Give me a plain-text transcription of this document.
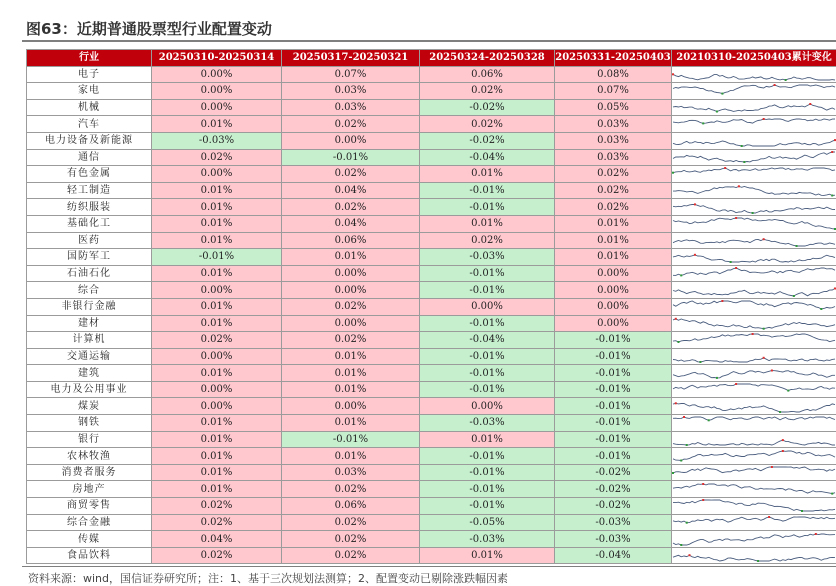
图63：近期普通股票型行业配置变动
行业	20250310-20250314	20250317-20250321	20250324-20250328	20250331-20250403	20210310-20250403累计变化
电子	0.00%	0.07%	0.06%	0.08%	

家电	0.00%	0.03%	0.02%	0.07%	

机械	0.00%	0.03%	-0.02%	0.05%	

汽车	0.01%	0.02%	0.02%	0.03%	

电力设备及新能源	-0.03%	0.00%	-0.02%	0.03%	

通信	0.02%	-0.01%	-0.04%	0.03%	

有色金属	0.00%	0.02%	0.01%	0.02%	

轻工制造	0.01%	0.04%	-0.01%	0.02%	

纺织服装	0.01%	0.02%	-0.01%	0.02%	

基础化工	0.01%	0.04%	0.01%	0.01%	

医药	0.01%	0.06%	0.02%	0.01%	

国防军工	-0.01%	0.01%	-0.03%	0.01%	

石油石化	0.01%	0.00%	-0.01%	0.00%	

综合	0.00%	0.00%	-0.01%	0.00%	

非银行金融	0.01%	0.02%	0.00%	0.00%	

建材	0.01%	0.00%	-0.01%	0.00%	

计算机	0.02%	0.02%	-0.04%	-0.01%	

交通运输	0.00%	0.01%	-0.01%	-0.01%	

建筑	0.01%	0.01%	-0.01%	-0.01%	

电力及公用事业	0.00%	0.01%	-0.01%	-0.01%	

煤炭	0.00%	0.00%	0.00%	-0.01%	

钢铁	0.01%	0.01%	-0.03%	-0.01%	

银行	0.01%	-0.01%	0.01%	-0.01%	

农林牧渔	0.01%	0.01%	-0.01%	-0.01%	

消费者服务	0.01%	0.03%	-0.01%	-0.02%	

房地产	0.01%	0.02%	-0.01%	-0.02%	

商贸零售	0.02%	0.06%	-0.01%	-0.02%	

综合金融	0.02%	0.02%	-0.05%	-0.03%	

传媒	0.04%	0.02%	-0.03%	-0.03%	

食品饮料	0.02%	0.02%	0.01%	-0.04%	
资料来源：wind，国信证券研究所；注：1、基于三次规划法测算；2、配置变动已剔除涨跌幅因素
